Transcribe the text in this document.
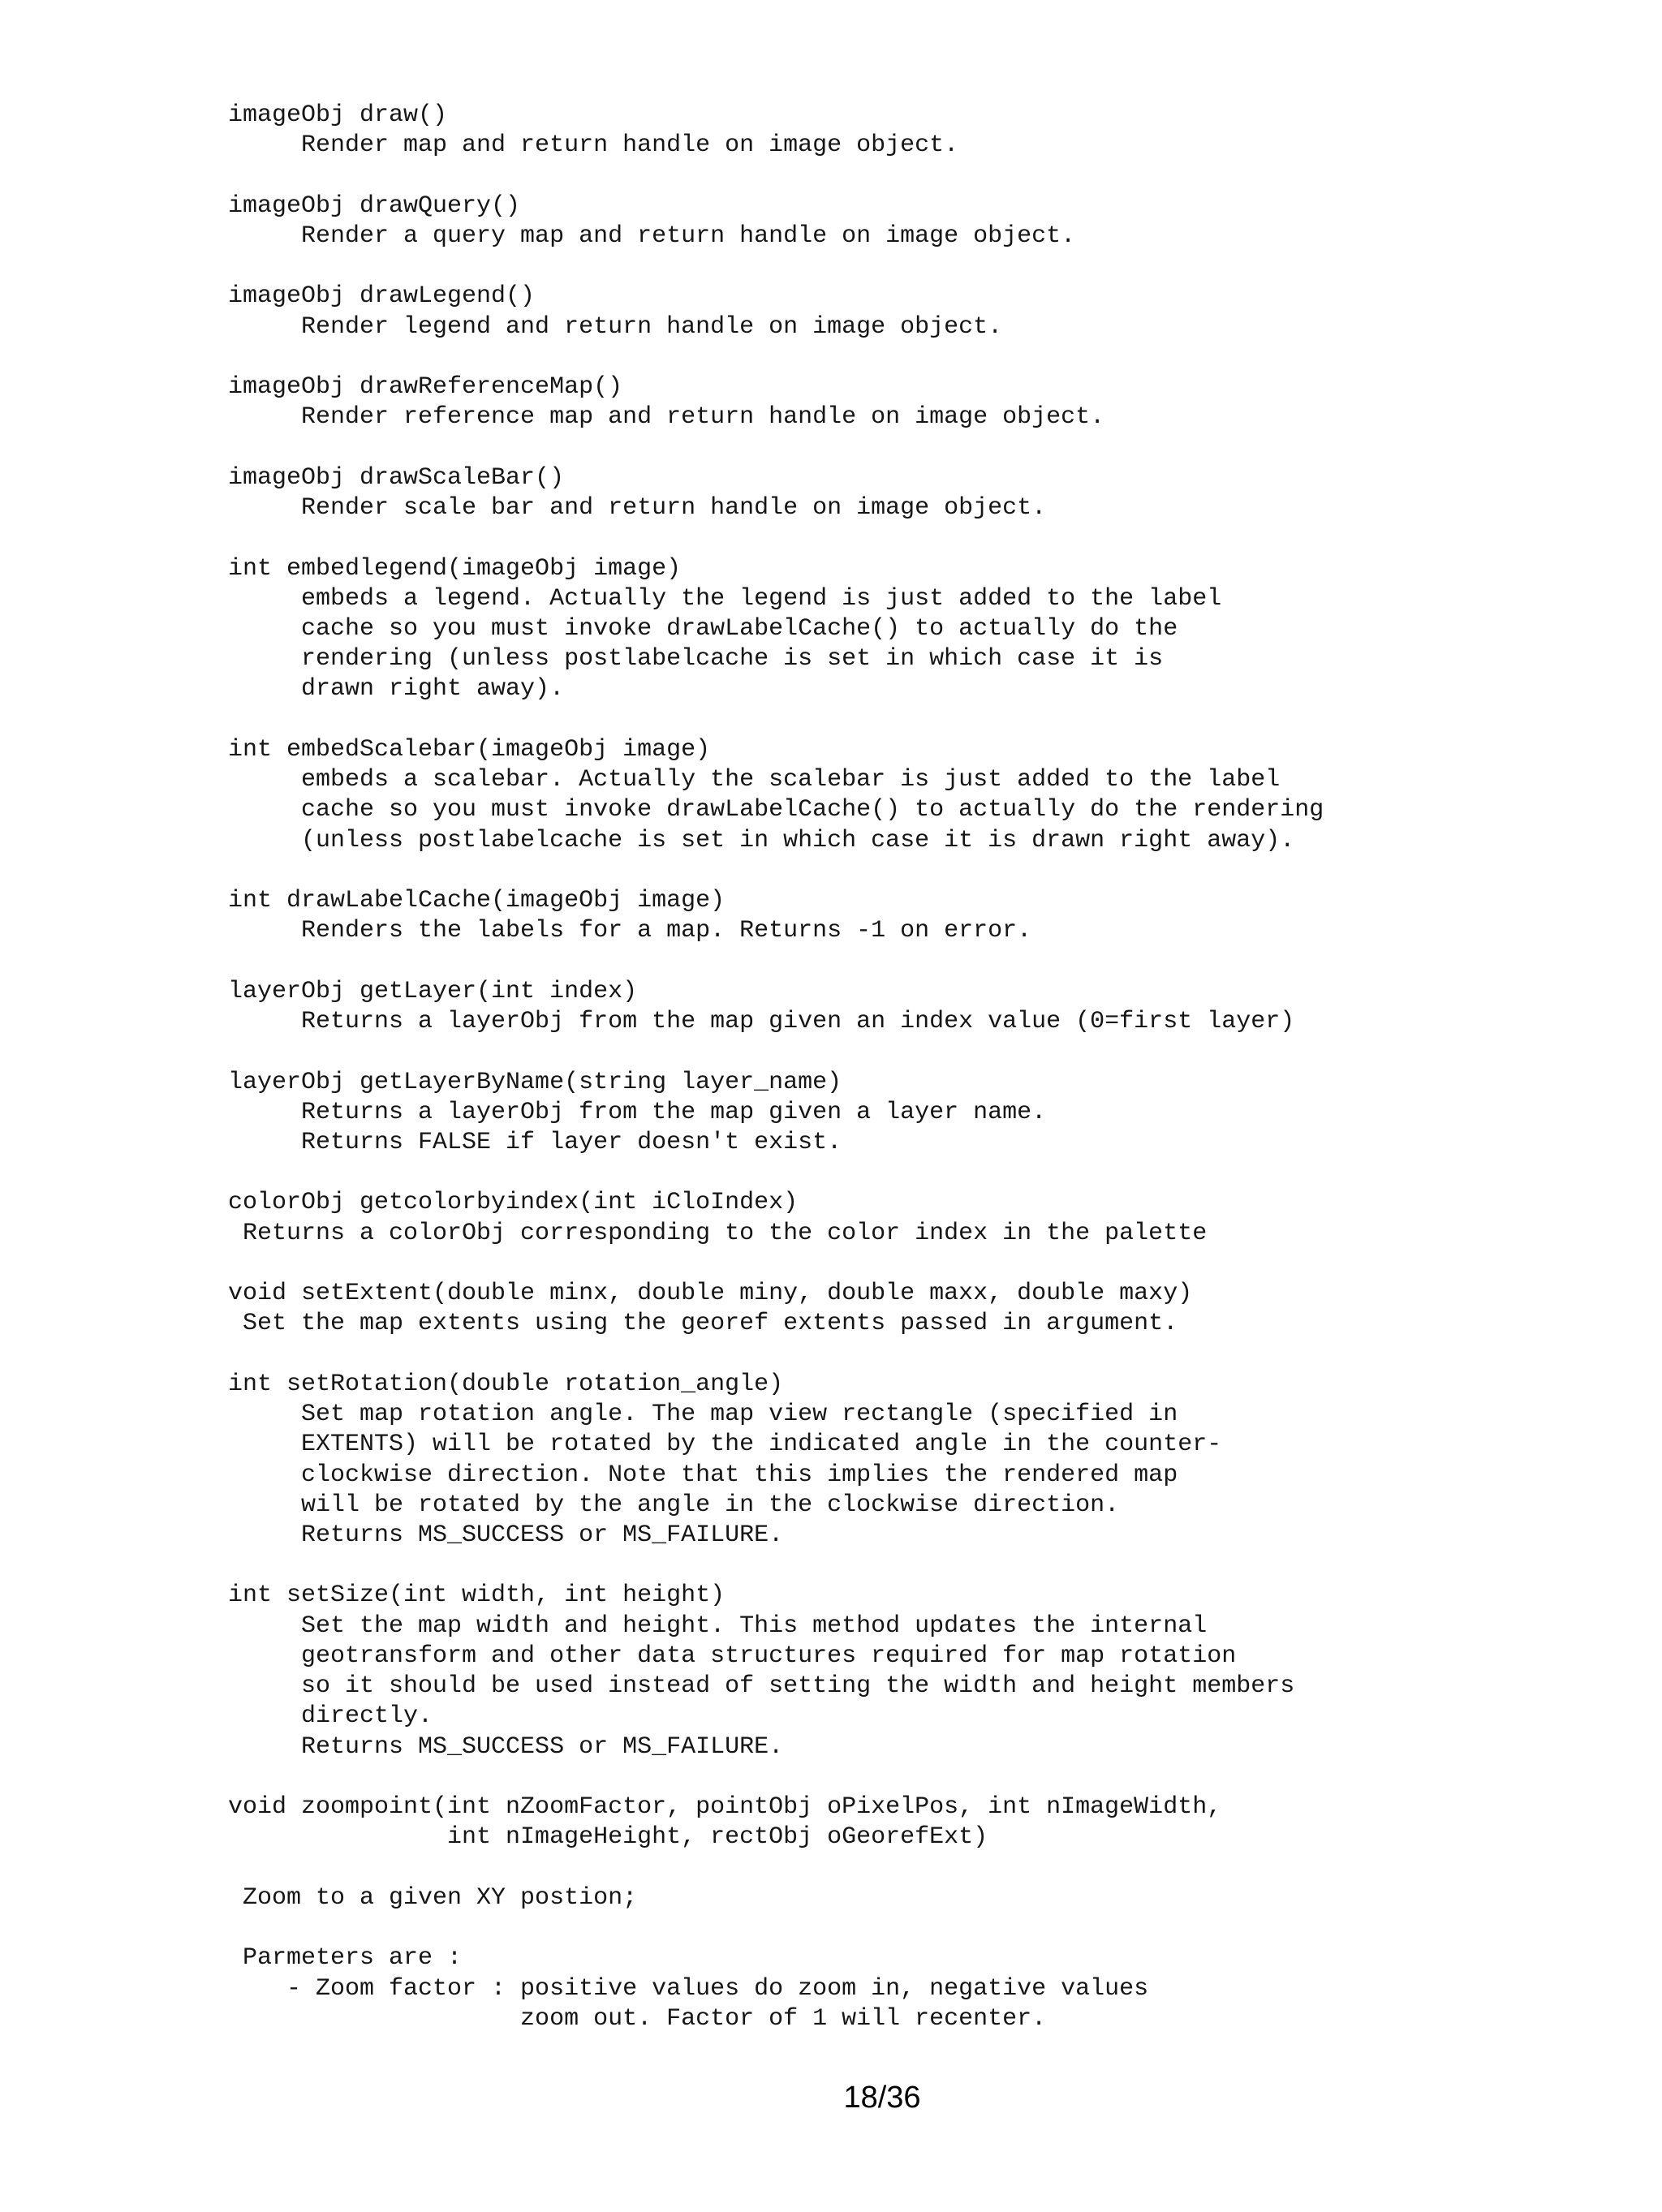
imageObj draw()
Render map and return handle on image object.
imageObj drawQuery()
Render a query map and return handle on image object.
imageObj drawLegend()
Render legend and return handle on image object.
imageObj drawReferenceMap()
Render reference map and return handle on image object.
imageObj drawScaleBar()
Render scale bar and return handle on image object.
int embedlegend(imageObj image)
embeds a legend. Actually the legend is just added to the label
cache so you must invoke drawLabelCache() to actually do the
rendering (unless postlabelcache is set in which case it is
drawn right away).
int embedScalebar(imageObj image)
embeds a scalebar. Actually the scalebar is just added to the label
cache so you must invoke drawLabelCache() to actually do the rendering
(unless postlabelcache is set in which case it is drawn right away).
int drawLabelCache(imageObj image)
Renders the labels for a map. Returns -1 on error.
layerObj getLayer(int index)
Returns a layerObj from the map given an index value (0=first layer)
layerObj getLayerByName(string layer_name)
Returns a layerObj from the map given a layer name.
Returns FALSE if layer doesn't exist.
colorObj getcolorbyindex(int iCloIndex)
Returns a colorObj corresponding to the color index in the palette
void setExtent(double minx, double miny, double maxx, double maxy)
Set the map extents using the georef extents passed in argument.
int setRotation(double rotation_angle)
Set map rotation angle. The map view rectangle (specified in
EXTENTS) will be rotated by the indicated angle in the counter-
clockwise direction. Note that this implies the rendered map
will be rotated by the angle in the clockwise direction.
Returns MS_SUCCESS or MS_FAILURE.
int setSize(int width, int height)
Set the map width and height. This method updates the internal
geotransform and other data structures required for map rotation
so it should be used instead of setting the width and height members
directly.
Returns MS_SUCCESS or MS_FAILURE.
void zoompoint(int nZoomFactor, pointObj oPixelPos, int nImageWidth,
int nImageHeight, rectObj oGeorefExt)
Zoom to a given XY postion;
Parmeters are :
- Zoom factor : positive values do zoom in, negative values
zoom out. Factor of 1 will recenter.
18/36
